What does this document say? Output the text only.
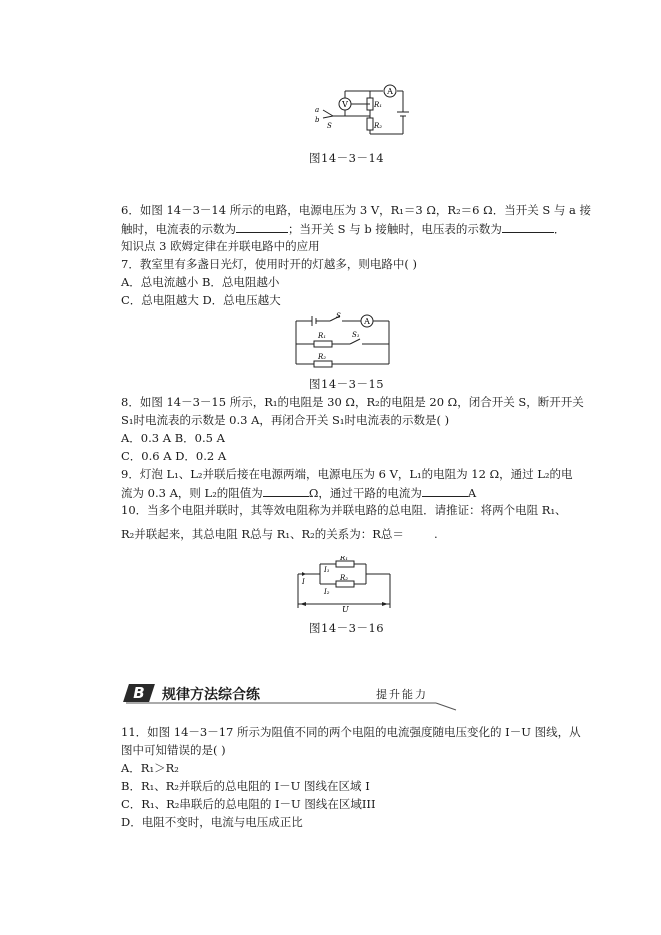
A
V	R₁
R₂
a
b
S
图14－3－14
6．如图 14－3－14 所示的电路，电源电压为 3 V，R₁＝3 Ω，R₂＝6 Ω．当开关 S 与 a 接
触时，电流表的示数为	；当开关 S 与 b 接触时，电压表的示数为	．
知识点 3 欧姆定律在并联电路中的应用
7．教室里有多盏日光灯，使用时开的灯越多，则电路中( )
A．总电流越小 B．总电阻越小
C．总电阻越大 D．总电压越大
A
S
R₁	S₁
R₂
图14－3－15
8．如图 14－3－15 所示，R₁的电阻是 30 Ω，R₂的电阻是 20 Ω，闭合开关 S，断开开关
S₁时电流表的示数是 0.3 A，再闭合开关 S₁时电流表的示数是( )
A．0.3 A B．0.5 A
C．0.6 A D．0.2 A
9．灯泡 L₁、L₂并联后接在电源两端，电源电压为 6 V，L₁的电阻为 12 Ω，通过 L₂的电
流为 0.3 A，则 L₂的阻值为	Ω，通过干路的电流为	A
10．当多个电阻并联时，其等效电阻称为并联电路的总电阻．请推证：将两个电阻 R₁、
R₂并联起来，其总电阻 R总与 R₁、R₂的关系为：R总＝	.
R₁
R₂
I₁
I₂
I
U
图14－3－16
B	规律方法综合练	提升能力
11．如图 14－3－17 所示为阻值不同的两个电阻的电流强度随电压变化的 I－U 图线，从
图中可知错误的是( )
A．R₁＞R₂
B．R₁、R₂并联后的总电阻的 I－U 图线在区域 I
C．R₁、R₂串联后的总电阻的 I－U 图线在区域III
D．电阻不变时，电流与电压成正比
